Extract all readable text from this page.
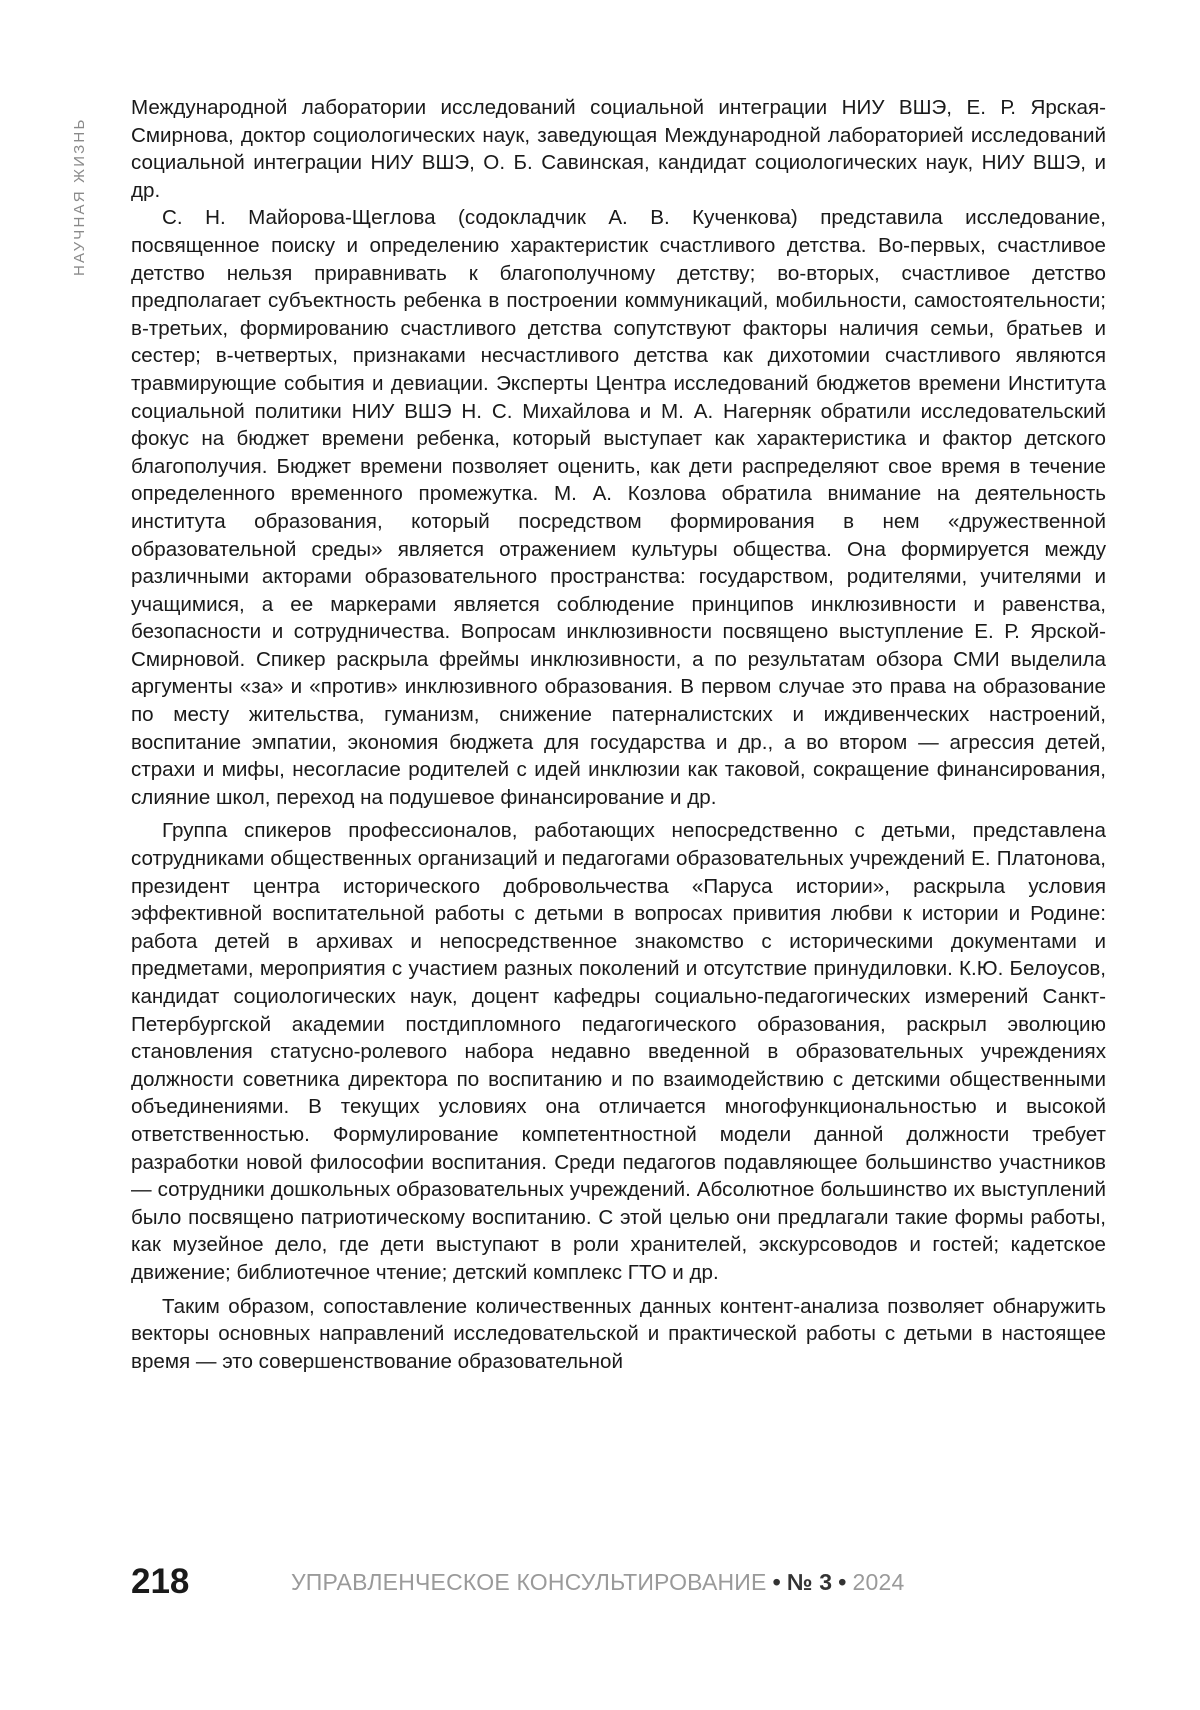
НАУЧНАЯ ЖИЗНЬ

Международной лаборатории исследований социальной интеграции НИУ ВШЭ, Е. Р. Ярская-Смирнова, доктор социологических наук, заведующая Международной лабораторией исследований социальной интеграции НИУ ВШЭ, О. Б. Савинская, кандидат социологических наук, НИУ ВШЭ, и др.

С. Н. Майорова-Щеглова (содокладчик А. В. Кученкова) представила исследование, посвященное поиску и определению характеристик счастливого детства. Во-первых, счастливое детство нельзя приравнивать к благополучному детству; во-вторых, счастливое детство предполагает субъектность ребенка в построении коммуникаций, мобильности, самостоятельности; в-третьих, формированию счастливого детства сопутствуют факторы наличия семьи, братьев и сестер; в-четвертых, признаками несчастливого детства как дихотомии счастливого являются травмирующие события и девиации. Эксперты Центра исследований бюджетов времени Института социальной политики НИУ ВШЭ Н. С. Михайлова и М. А. Нагерняк обратили исследовательский фокус на бюджет времени ребенка, который выступает как характеристика и фактор детского благополучия. Бюджет времени позволяет оценить, как дети распределяют свое время в течение определенного временного промежутка. М. А. Козлова обратила внимание на деятельность института образования, который посредством формирования в нем «дружественной образовательной среды» является отражением культуры общества. Она формируется между различными акторами образовательного пространства: государством, родителями, учителями и учащимися, а ее маркерами является соблюдение принципов инклюзивности и равенства, безопасности и сотрудничества. Вопросам инклюзивности посвящено выступление Е. Р. Ярской-Смирновой. Спикер раскрыла фреймы инклюзивности, а по результатам обзора СМИ выделила аргументы «за» и «против» инклюзивного образования. В первом случае это права на образование по месту жительства, гуманизм, снижение патерналистских и иждивенческих настроений, воспитание эмпатии, экономия бюджета для государства и др., а во втором — агрессия детей, страхи и мифы, несогласие родителей с идей инклюзии как таковой, сокращение финансирования, слияние школ, переход на подушевое финансирование и др.

Группа спикеров профессионалов, работающих непосредственно с детьми, представлена сотрудниками общественных организаций и педагогами образовательных учреждений Е. Платонова, президент центра исторического добровольчества «Паруса истории», раскрыла условия эффективной воспитательной работы с детьми в вопросах привития любви к истории и Родине: работа детей в архивах и непосредственное знакомство с историческими документами и предметами, мероприятия с участием разных поколений и отсутствие принудиловки. К.Ю. Белоусов, кандидат социологических наук, доцент кафедры социально-педагогических измерений Санкт-Петербургской академии постдипломного педагогического образования, раскрыл эволюцию становления статусно-ролевого набора недавно введенной в образовательных учреждениях должности советника директора по воспитанию и по взаимодействию с детскими общественными объединениями. В текущих условиях она отличается многофункциональностью и высокой ответственностью. Формулирование компетентностной модели данной должности требует разработки новой философии воспитания. Среди педагогов подавляющее большинство участников — сотрудники дошкольных образовательных учреждений. Абсолютное большинство их выступлений было посвящено патриотическому воспитанию. С этой целью они предлагали такие формы работы, как музейное дело, где дети выступают в роли хранителей, экскурсоводов и гостей; кадетское движение; библиотечное чтение; детский комплекс ГТО и др.

Таким образом, сопоставление количественных данных контент-анализа позволяет обнаружить векторы основных направлений исследовательской и практической работы с детьми в настоящее время — это совершенствование образовательной

218	УПРАВЛЕНЧЕСКОЕ КОНСУЛЬТИРОВАНИЕ • № 3 • 2024
